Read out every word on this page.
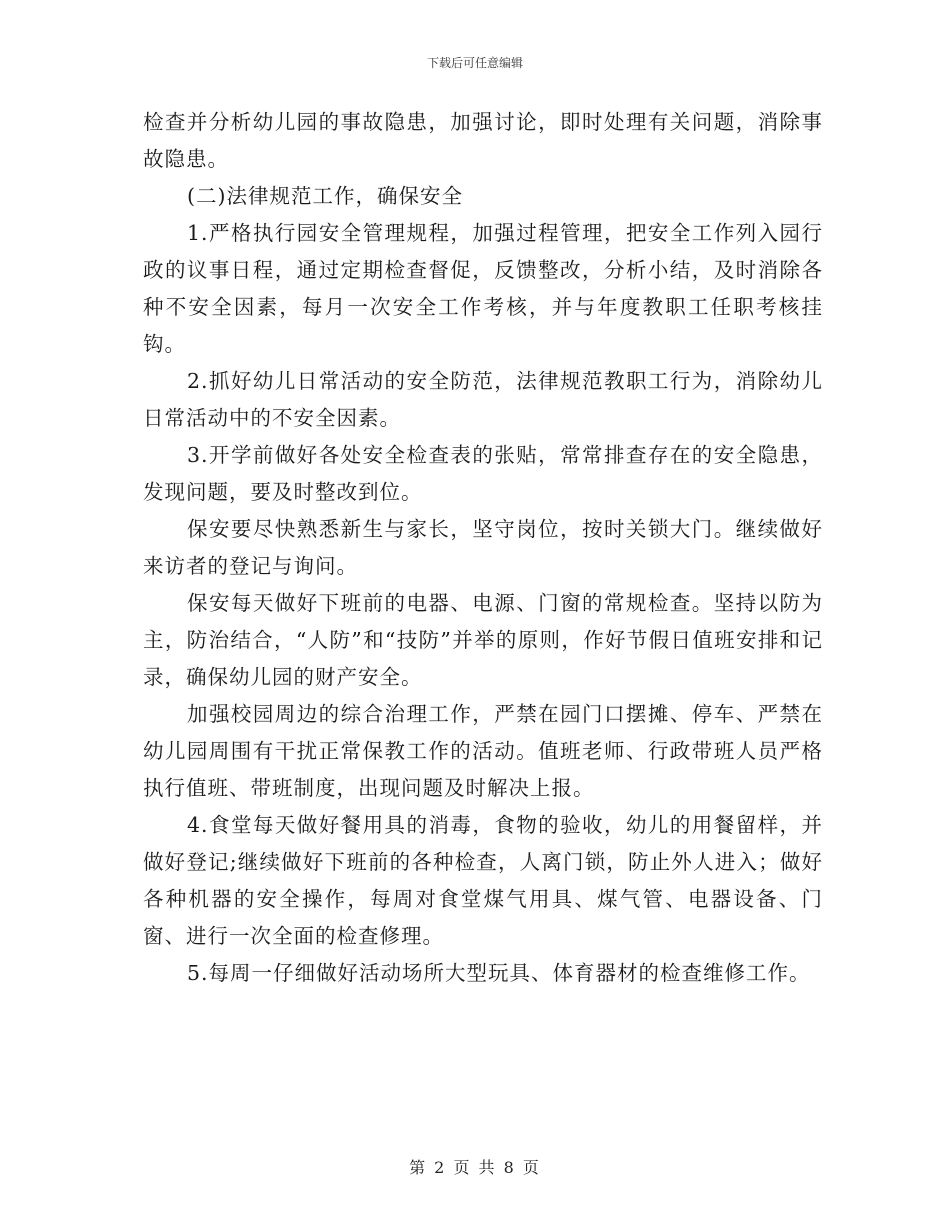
下载后可任意编辑

检查并分析幼儿园的事故隐患，加强讨论，即时处理有关问题，消除事故隐患。

(二)法律规范工作，确保安全

1.严格执行园安全管理规程，加强过程管理，把安全工作列入园行政的议事日程，通过定期检查督促，反馈整改，分析小结，及时消除各种不安全因素，每月一次安全工作考核，并与年度教职工任职考核挂钩。

2.抓好幼儿日常活动的安全防范，法律规范教职工行为，消除幼儿日常活动中的不安全因素。

3.开学前做好各处安全检查表的张贴，常常排查存在的安全隐患，发现问题，要及时整改到位。

保安要尽快熟悉新生与家长，坚守岗位，按时关锁大门。继续做好来访者的登记与询问。

保安每天做好下班前的电器、电源、门窗的常规检查。坚持以防为主，防治结合，“人防”和“技防”并举的原则，作好节假日值班安排和记录，确保幼儿园的财产安全。

加强校园周边的综合治理工作，严禁在园门口摆摊、停车、严禁在幼儿园周围有干扰正常保教工作的活动。值班老师、行政带班人员严格执行值班、带班制度，出现问题及时解决上报。

4.食堂每天做好餐用具的消毒，食物的验收，幼儿的用餐留样，并做好登记;继续做好下班前的各种检查，人离门锁，防止外人进入；做好各种机器的安全操作，每周对食堂煤气用具、煤气管、电器设备、门窗、进行一次全面的检查修理。

5.每周一仔细做好活动场所大型玩具、体育器材的检查维修工作。

第 2 页 共 8 页
